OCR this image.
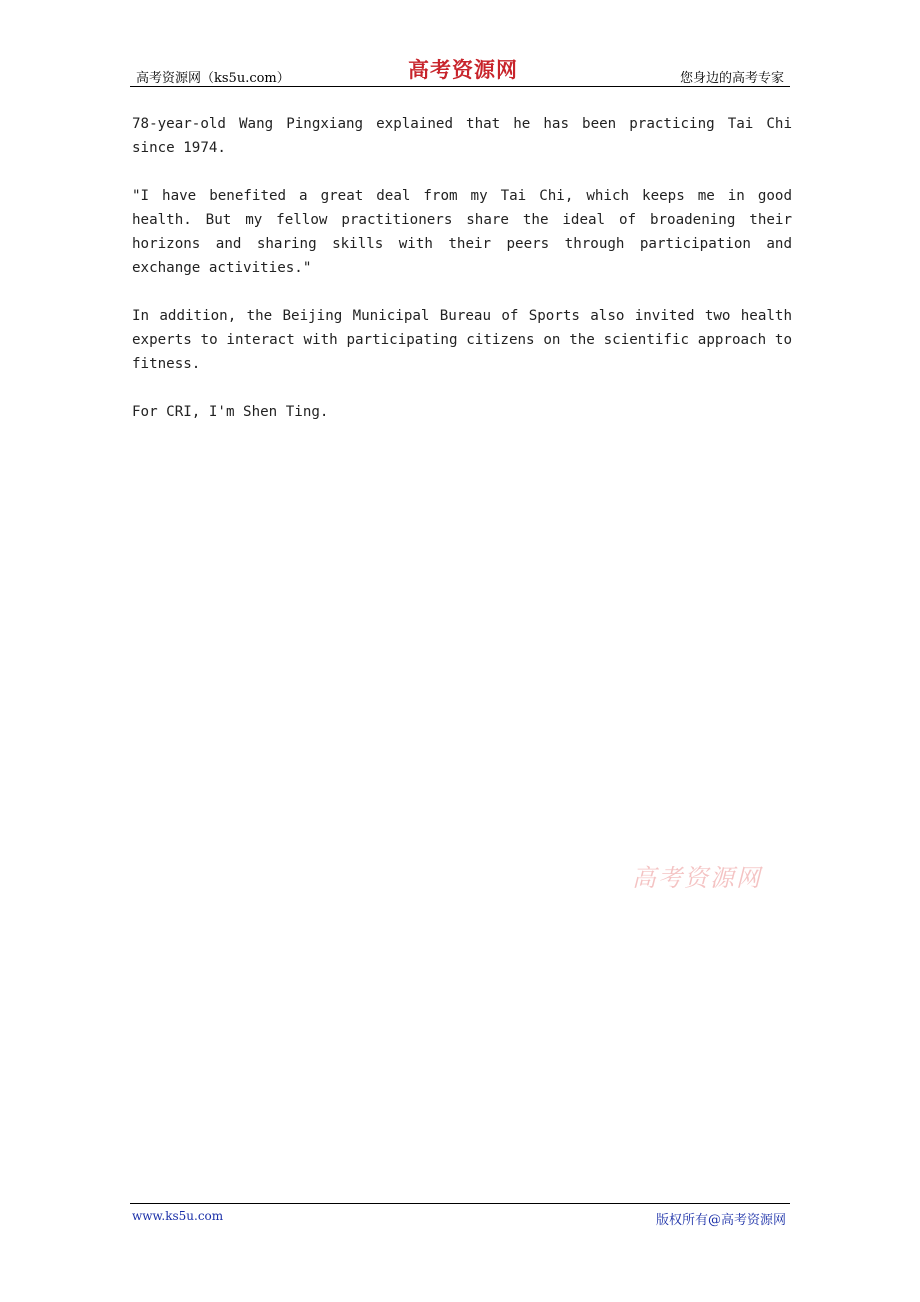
高考资源网（ks5u.com）	高考资源网	您身边的高考专家

78-year-old Wang Pingxiang explained that he has been practicing Tai Chi since 1974.

"I have benefited a great deal from my Tai Chi, which keeps me in good health. But my fellow practitioners share the ideal of broadening their horizons and sharing skills with their peers through participation and exchange activities."

In addition, the Beijing Municipal Bureau of Sports also invited two health experts to interact with participating citizens on the scientific approach to fitness.

For CRI, I'm Shen Ting.

高考资源网
www.ks5u.com	版权所有@高考资源网
